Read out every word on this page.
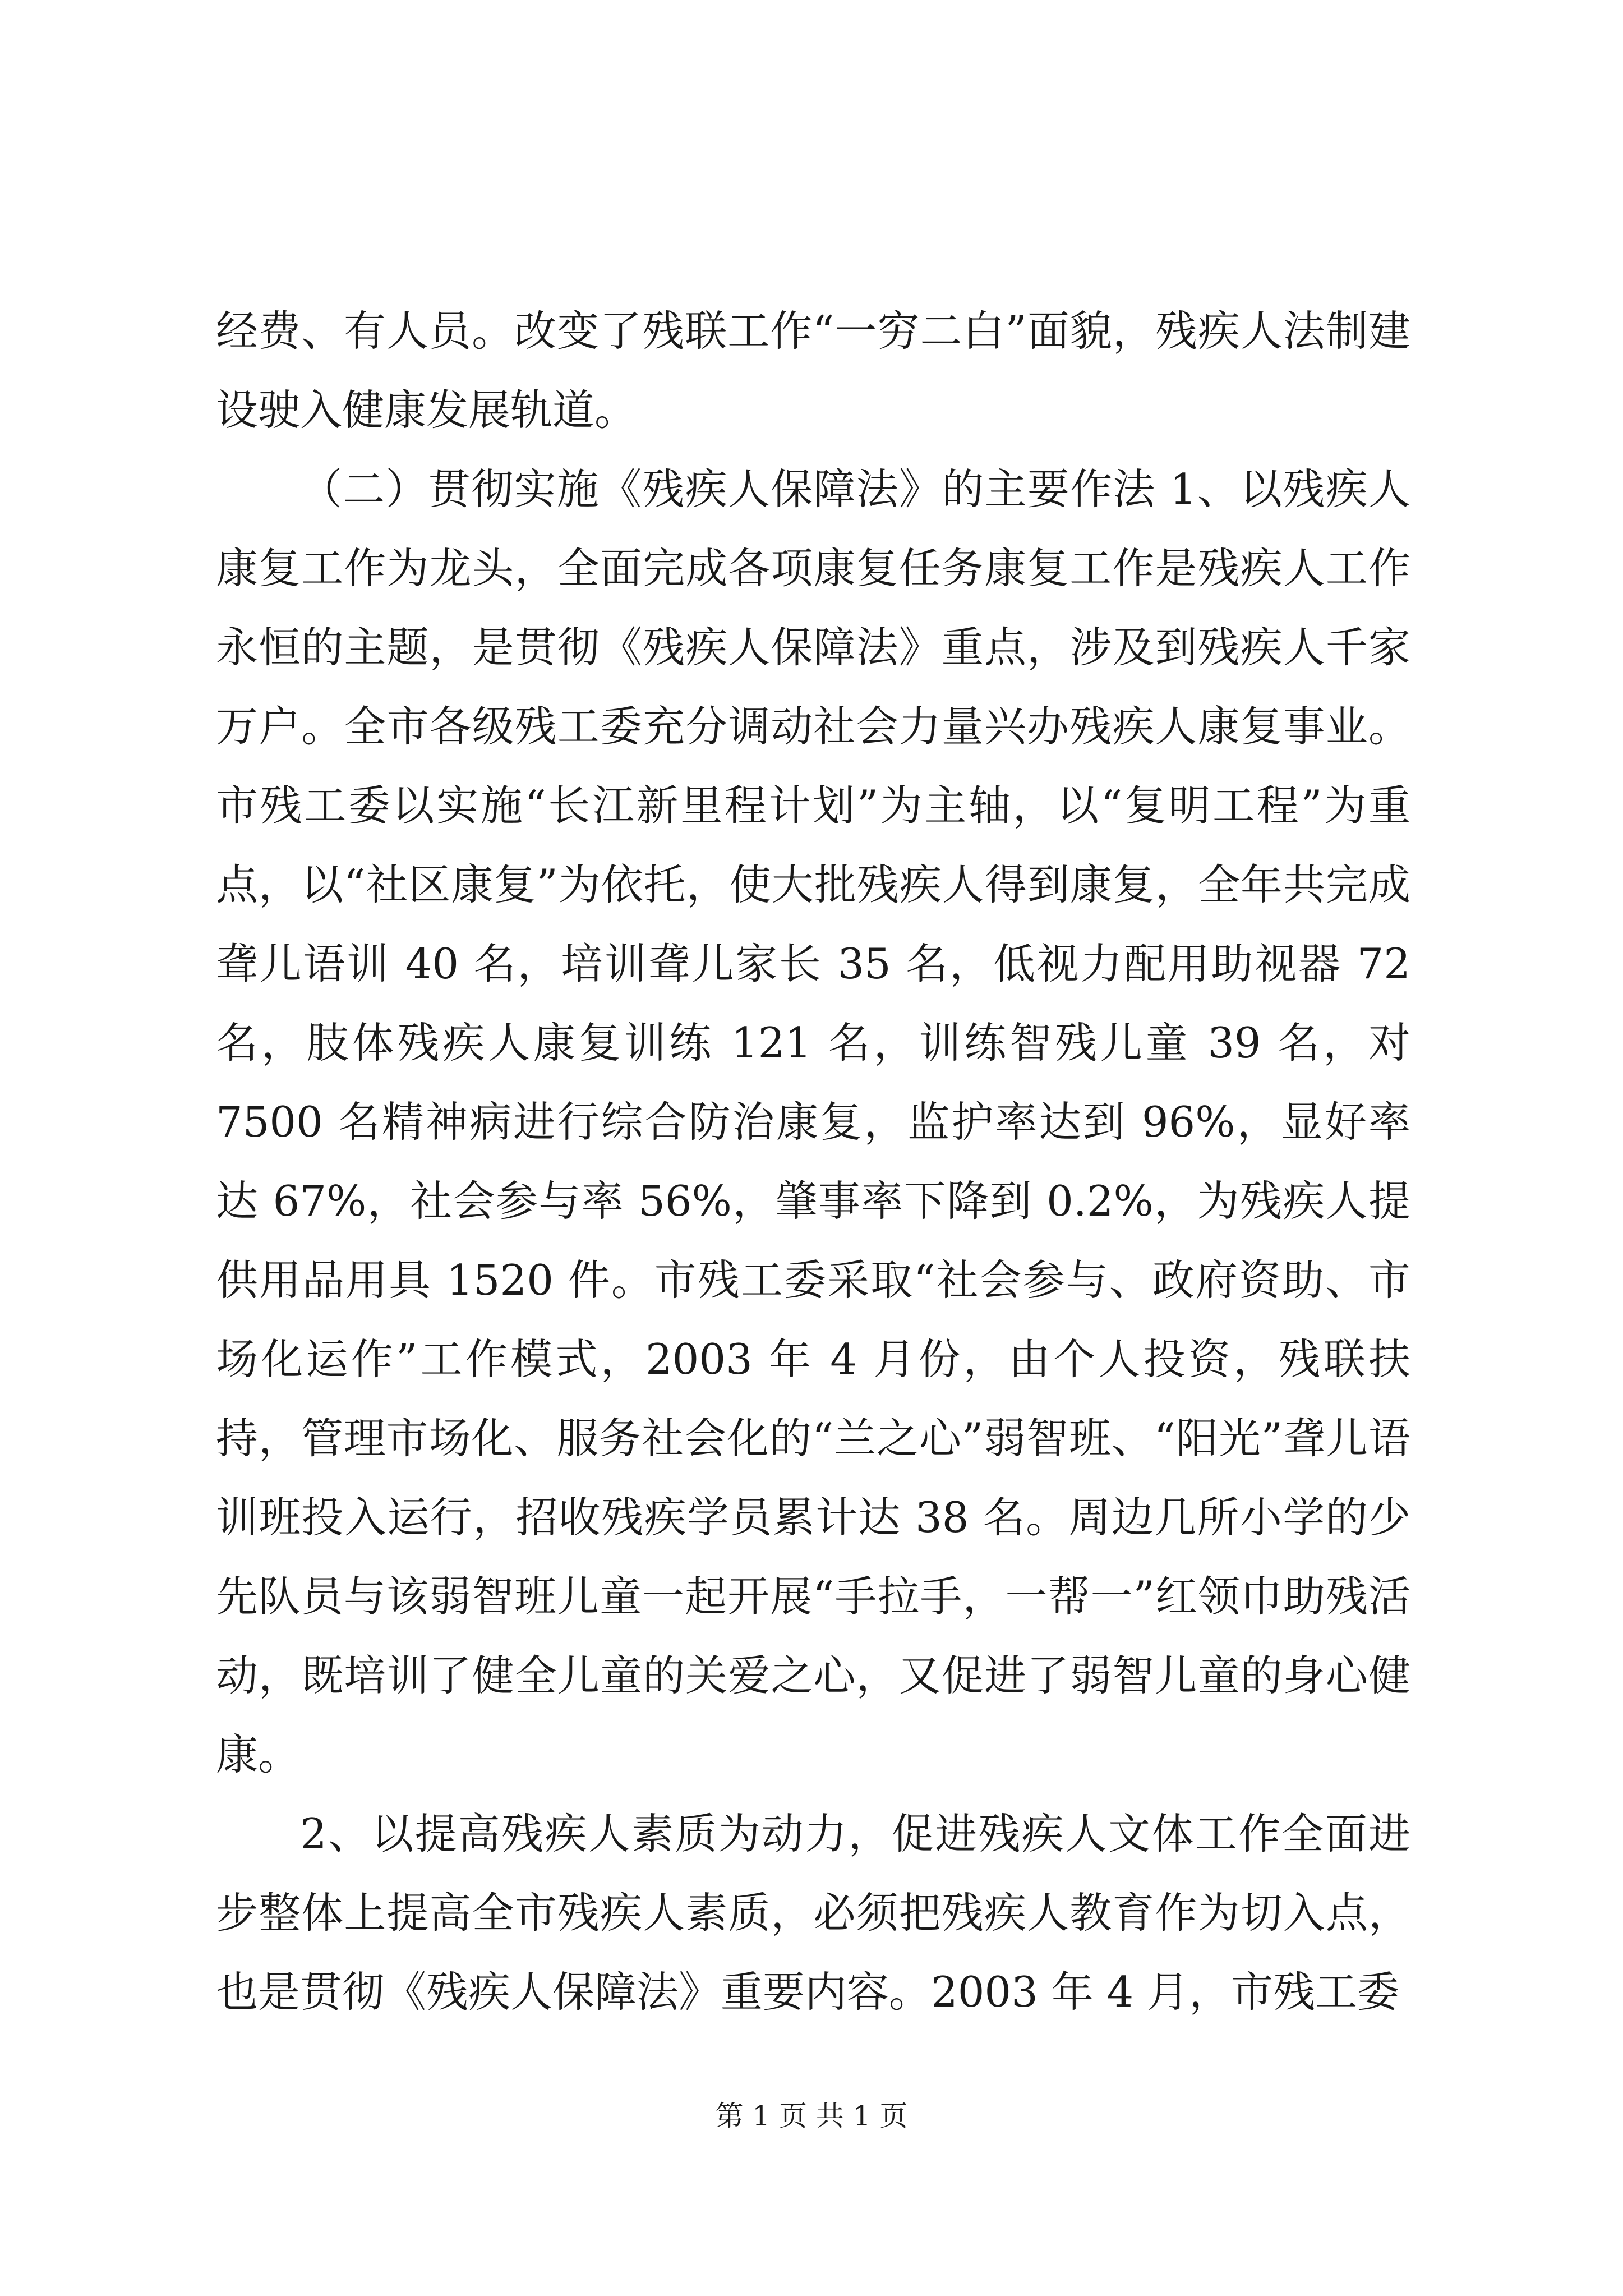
经费、有人员。改变了残联工作“一穷二白”面貌，残疾人法制建设驶入健康发展轨道。

（二）贯彻实施《残疾人保障法》的主要作法 1、以残疾人康复工作为龙头，全面完成各项康复任务康复工作是残疾人工作永恒的主题，是贯彻《残疾人保障法》重点，涉及到残疾人千家万户。全市各级残工委充分调动社会力量兴办残疾人康复事业。市残工委以实施“长江新里程计划”为主轴，以“复明工程”为重点，以“社区康复”为依托，使大批残疾人得到康复，全年共完成聋儿语训 40 名，培训聋儿家长 35 名，低视力配用助视器 72 名，肢体残疾人康复训练 121 名，训练智残儿童 39 名，对 7500 名精神病进行综合防治康复，监护率达到 96%，显好率达 67%，社会参与率 56%，肇事率下降到 0.2%，为残疾人提供用品用具 1520 件。市残工委采取“社会参与、政府资助、市场化运作”工作模式，2003 年 4 月份，由个人投资，残联扶持，管理市场化、服务社会化的“兰之心”弱智班、“阳光”聋儿语训班投入运行，招收残疾学员累计达 38 名。周边几所小学的少先队员与该弱智班儿童一起开展“手拉手，一帮一”红领巾助残活动，既培训了健全儿童的关爱之心，又促进了弱智儿童的身心健康。

2、以提高残疾人素质为动力，促进残疾人文体工作全面进步整体上提高全市残疾人素质，必须把残疾人教育作为切入点，也是贯彻《残疾人保障法》重要内容。2003 年 4 月，市残工委

第 1 页 共 1 页
